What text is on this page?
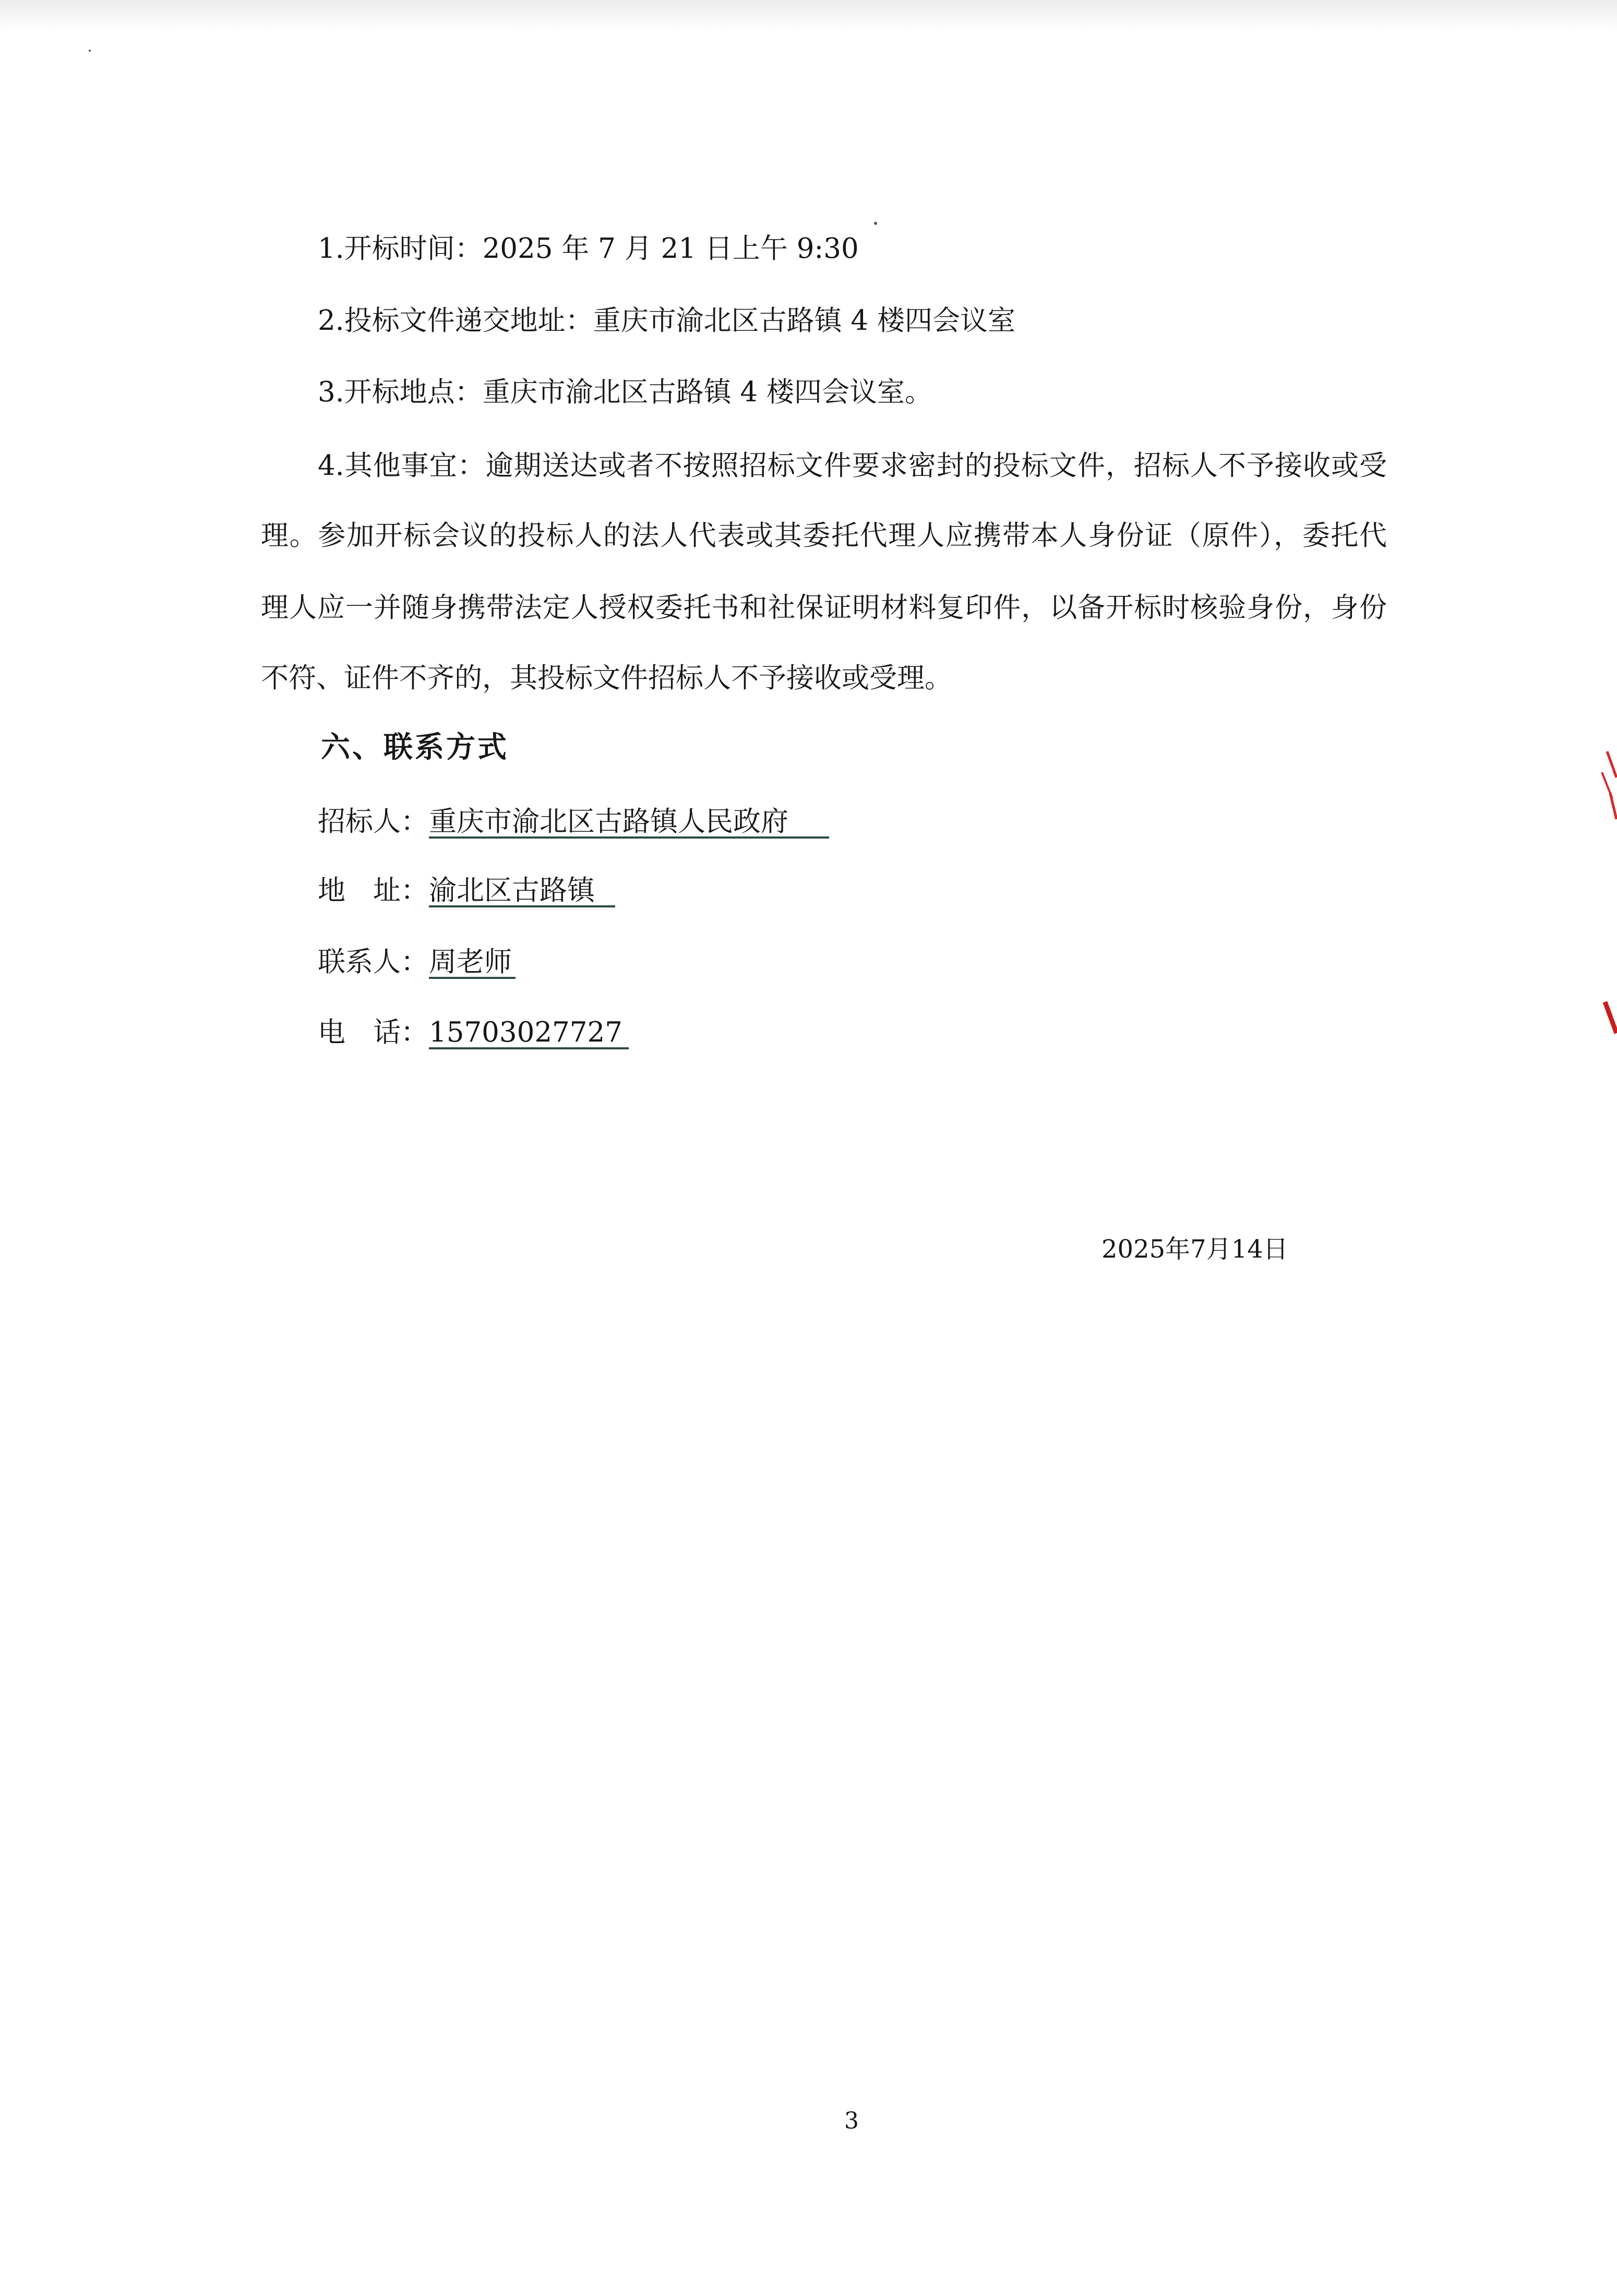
1.开标时间：2025 年 7 月 21 日上午 9:30
2.投标文件递交地址：重庆市渝北区古路镇 4 楼四会议室
3.开标地点：重庆市渝北区古路镇 4 楼四会议室。
4.其他事宜：逾期送达或者不按照招标文件要求密封的投标文件，招标人不予接收或受
理。参加开标会议的投标人的法人代表或其委托代理人应携带本人身份证（原件），委托代
理人应一并随身携带法定人授权委托书和社保证明材料复印件，以备开标时核验身份，身份
不符、证件不齐的，其投标文件招标人不予接收或受理。
六、联系方式
招标人：重庆市渝北区古路镇人民政府
地　址：渝北区古路镇
联系人：周老师
电　话：15703027727
2025年7月14日
3
